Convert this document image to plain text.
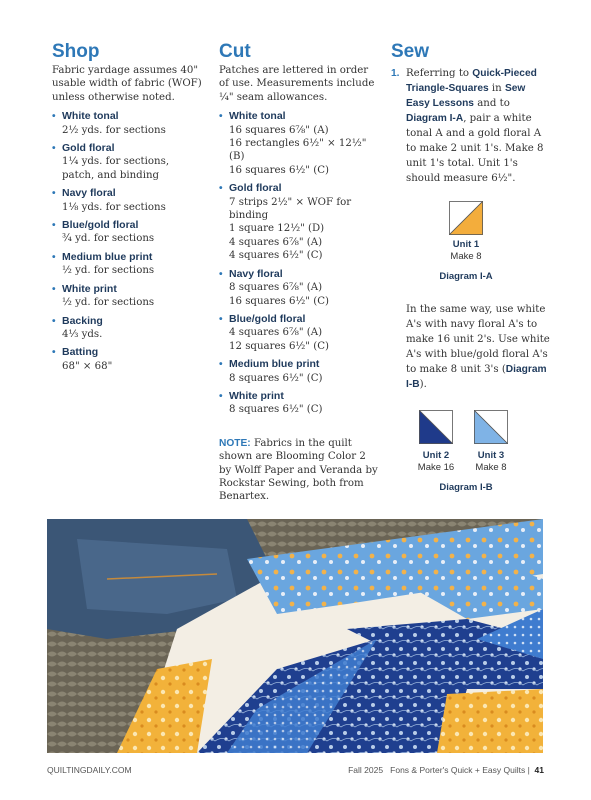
Shop

Fabric yardage assumes 40" usable width of fabric (WOF) unless otherwise noted.

• White tonal
2½ yds. for sections
• Gold floral
1¼ yds. for sections, patch, and binding
• Navy floral
1⅛ yds. for sections
• Blue/gold floral
¾ yd. for sections
• Medium blue print
½ yd. for sections
• White print
½ yd. for sections
• Backing
4⅓ yds.
• Batting
68" × 68"
Cut

Patches are lettered in order of use. Measurements include ¼" seam allowances.

• White tonal
16 squares 6⅞" (A)
16 rectangles 6½" × 12½" (B)
16 squares 6½" (C)
• Gold floral
7 strips 2½" × WOF for binding
1 square 12½" (D)
4 squares 6⅞" (A)
4 squares 6½" (C)
• Navy floral
8 squares 6⅞" (A)
16 squares 6½" (C)
• Blue/gold floral
4 squares 6⅞" (A)
12 squares 6½" (C)
• Medium blue print
8 squares 6½" (C)
• White print
8 squares 6½" (C)
NOTE: Fabrics in the quilt shown are Blooming Color 2 by Wolff Paper and Veranda by Rockstar Sewing, both from Benartex.
Sew
1. Referring to Quick-Pieced Triangle-Squares in Sew Easy Lessons and to Diagram I-A, pair a white tonal A and a gold floral A to make 2 unit 1's. Make 8 unit 1's total. Unit 1's should measure 6½".
Unit 1
Make 8
Diagram I-A
In the same way, use white A's with navy floral A's to make 16 unit 2's. Use white A's with blue/gold floral A's to make 8 unit 3's (Diagram I-B).
Unit 2
Make 16
Unit 3
Make 8
Diagram I-B
QUILTINGDAILY.COM	Fall 2025 Fons & Porter's Quick + Easy Quilts |  41
